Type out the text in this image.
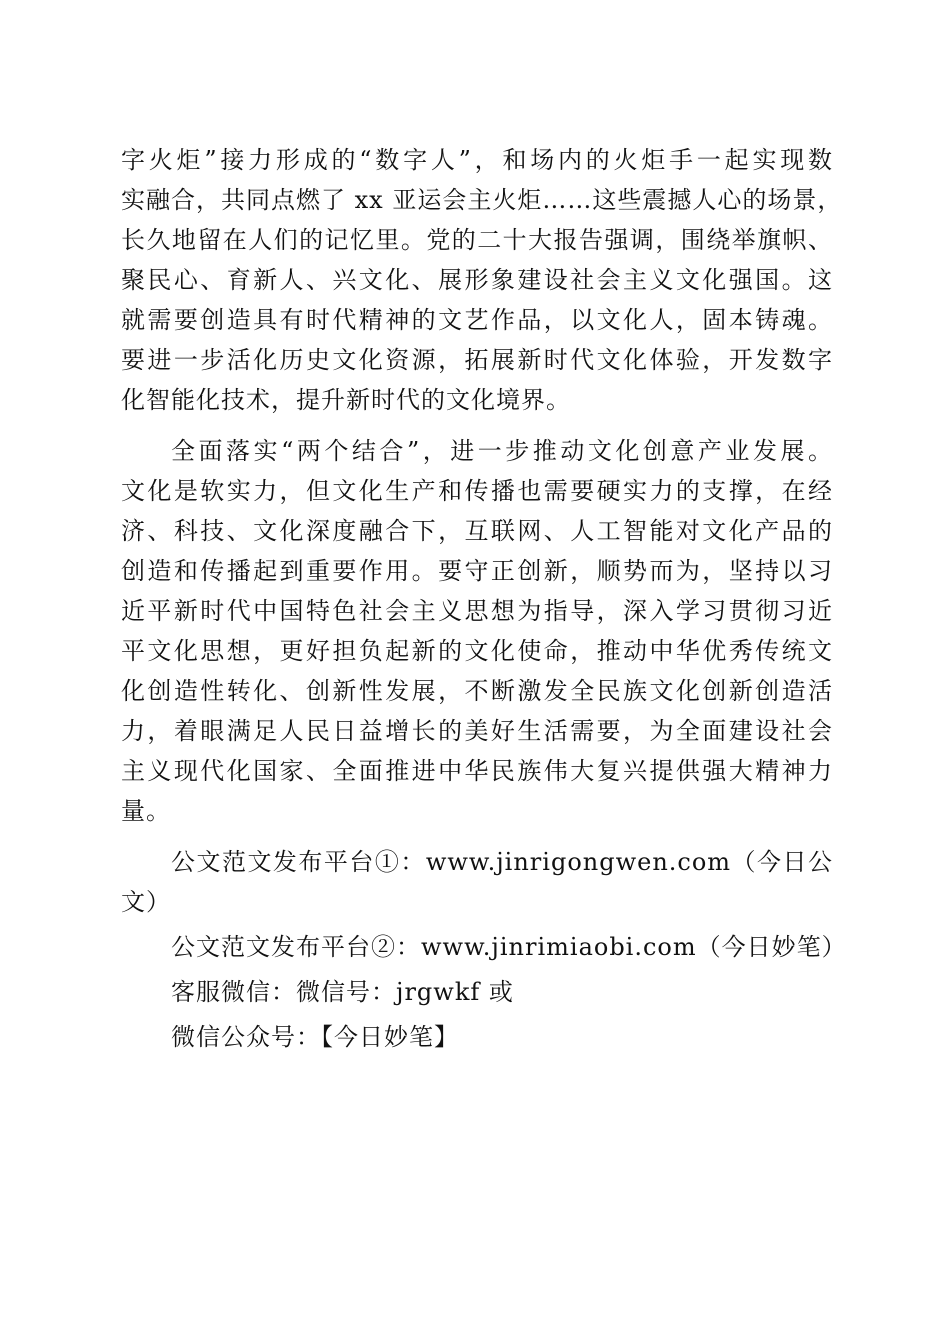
字火炬”接力形成的“数字人”，和场内的火炬手一起实现数
实融合，共同点燃了 xx 亚运会主火炬……这些震撼人心的场景，
长久地留在人们的记忆里。党的二十大报告强调，围绕举旗帜、
聚民心、育新人、兴文化、展形象建设社会主义文化强国。这
就需要创造具有时代精神的文艺作品，以文化人，固本铸魂。
要进一步活化历史文化资源，拓展新时代文化体验，开发数字
化智能化技术，提升新时代的文化境界。
全面落实“两个结合”，进一步推动文化创意产业发展。
文化是软实力，但文化生产和传播也需要硬实力的支撑，在经
济、科技、文化深度融合下，互联网、人工智能对文化产品的
创造和传播起到重要作用。要守正创新，顺势而为，坚持以习
近平新时代中国特色社会主义思想为指导，深入学习贯彻习近
平文化思想，更好担负起新的文化使命，推动中华优秀传统文
化创造性转化、创新性发展，不断激发全民族文化创新创造活
力，着眼满足人民日益增长的美好生活需要，为全面建设社会
主义现代化国家、全面推进中华民族伟大复兴提供强大精神力
量。
公文范文发布平台①：www.jinrigongwen.com（今日公
文）
公文范文发布平台②：www.jinrimiaobi.com（今日妙笔）
客服微信：微信号：jrgwkf 或
微信公众号：【今日妙笔】
